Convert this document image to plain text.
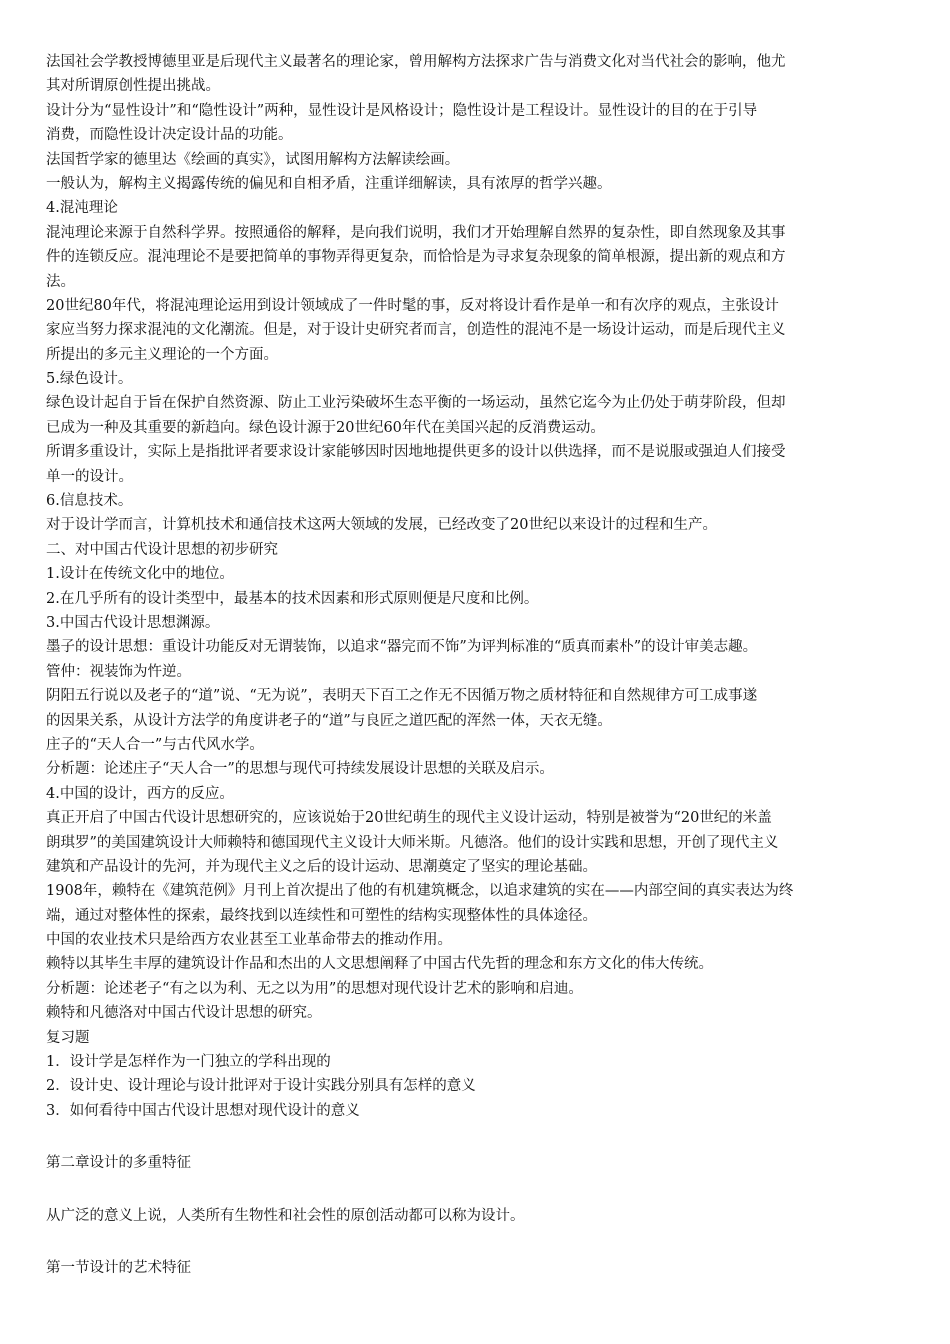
法国社会学教授博德里亚是后现代主义最著名的理论家，曾用解构方法探求广告与消费文化对当代社会的影响，他尤
其对所谓原创性提出挑战。
设计分为“显性设计”和“隐性设计”两种，显性设计是风格设计；隐性设计是工程设计。显性设计的目的在于引导
消费，而隐性设计决定设计品的功能。
法国哲学家的德里达《绘画的真实》，试图用解构方法解读绘画。
一般认为，解构主义揭露传统的偏见和自相矛盾，注重详细解读，具有浓厚的哲学兴趣。
4.混沌理论
混沌理论来源于自然科学界。按照通俗的解释，是向我们说明，我们才开始理解自然界的复杂性，即自然现象及其事
件的连锁反应。混沌理论不是要把简单的事物弄得更复杂，而恰恰是为寻求复杂现象的简单根源，提出新的观点和方
法。
20世纪80年代，将混沌理论运用到设计领域成了一件时髦的事，反对将设计看作是单一和有次序的观点，主张设计
家应当努力探求混沌的文化潮流。但是，对于设计史研究者而言，创造性的混沌不是一场设计运动，而是后现代主义
所提出的多元主义理论的一个方面。
5.绿色设计。
绿色设计起自于旨在保护自然资源、防止工业污染破坏生态平衡的一场运动，虽然它迄今为止仍处于萌芽阶段，但却
已成为一种及其重要的新趋向。绿色设计源于20世纪60年代在美国兴起的反消费运动。
所谓多重设计，实际上是指批评者要求设计家能够因时因地地提供更多的设计以供选择，而不是说服或强迫人们接受
单一的设计。
6.信息技术。
对于设计学而言，计算机技术和通信技术这两大领域的发展，已经改变了20世纪以来设计的过程和生产。
二、对中国古代设计思想的初步研究
1.设计在传统文化中的地位。
2.在几乎所有的设计类型中，最基本的技术因素和形式原则便是尺度和比例。
3.中国古代设计思想渊源。
墨子的设计思想：重设计功能反对无谓装饰，以追求“器完而不饰”为评判标准的“质真而素朴”的设计审美志趣。
管仲：视装饰为忤逆。
阴阳五行说以及老子的“道”说、“无为说”，表明天下百工之作无不因循万物之质材特征和自然规律方可工成事遂
的因果关系，从设计方法学的角度讲老子的“道”与良匠之道匹配的浑然一体，天衣无缝。
庄子的“天人合一”与古代风水学。
分析题：论述庄子“天人合一”的思想与现代可持续发展设计思想的关联及启示。
4.中国的设计，西方的反应。
真正开启了中国古代设计思想研究的，应该说始于20世纪萌生的现代主义设计运动，特别是被誉为“20世纪的米盖
朗琪罗”的美国建筑设计大师赖特和德国现代主义设计大师米斯。凡德洛。他们的设计实践和思想，开创了现代主义
建筑和产品设计的先河，并为现代主义之后的设计运动、思潮奠定了坚实的理论基础。
1908年，赖特在《建筑范例》月刊上首次提出了他的有机建筑概念，以追求建筑的实在——内部空间的真实表达为终
端，通过对整体性的探索，最终找到以连续性和可塑性的结构实现整体性的具体途径。
中国的农业技术只是给西方农业甚至工业革命带去的推动作用。
赖特以其毕生丰厚的建筑设计作品和杰出的人文思想阐释了中国古代先哲的理念和东方文化的伟大传统。
分析题：论述老子“有之以为利、无之以为用”的思想对现代设计艺术的影响和启迪。
赖特和凡德洛对中国古代设计思想的研究。
复习题
1．设计学是怎样作为一门独立的学科出现的
2．设计史、设计理论与设计批评对于设计实践分别具有怎样的意义
3．如何看待中国古代设计思想对现代设计的意义
第二章设计的多重特征
从广泛的意义上说，人类所有生物性和社会性的原创活动都可以称为设计。
第一节设计的艺术特征
